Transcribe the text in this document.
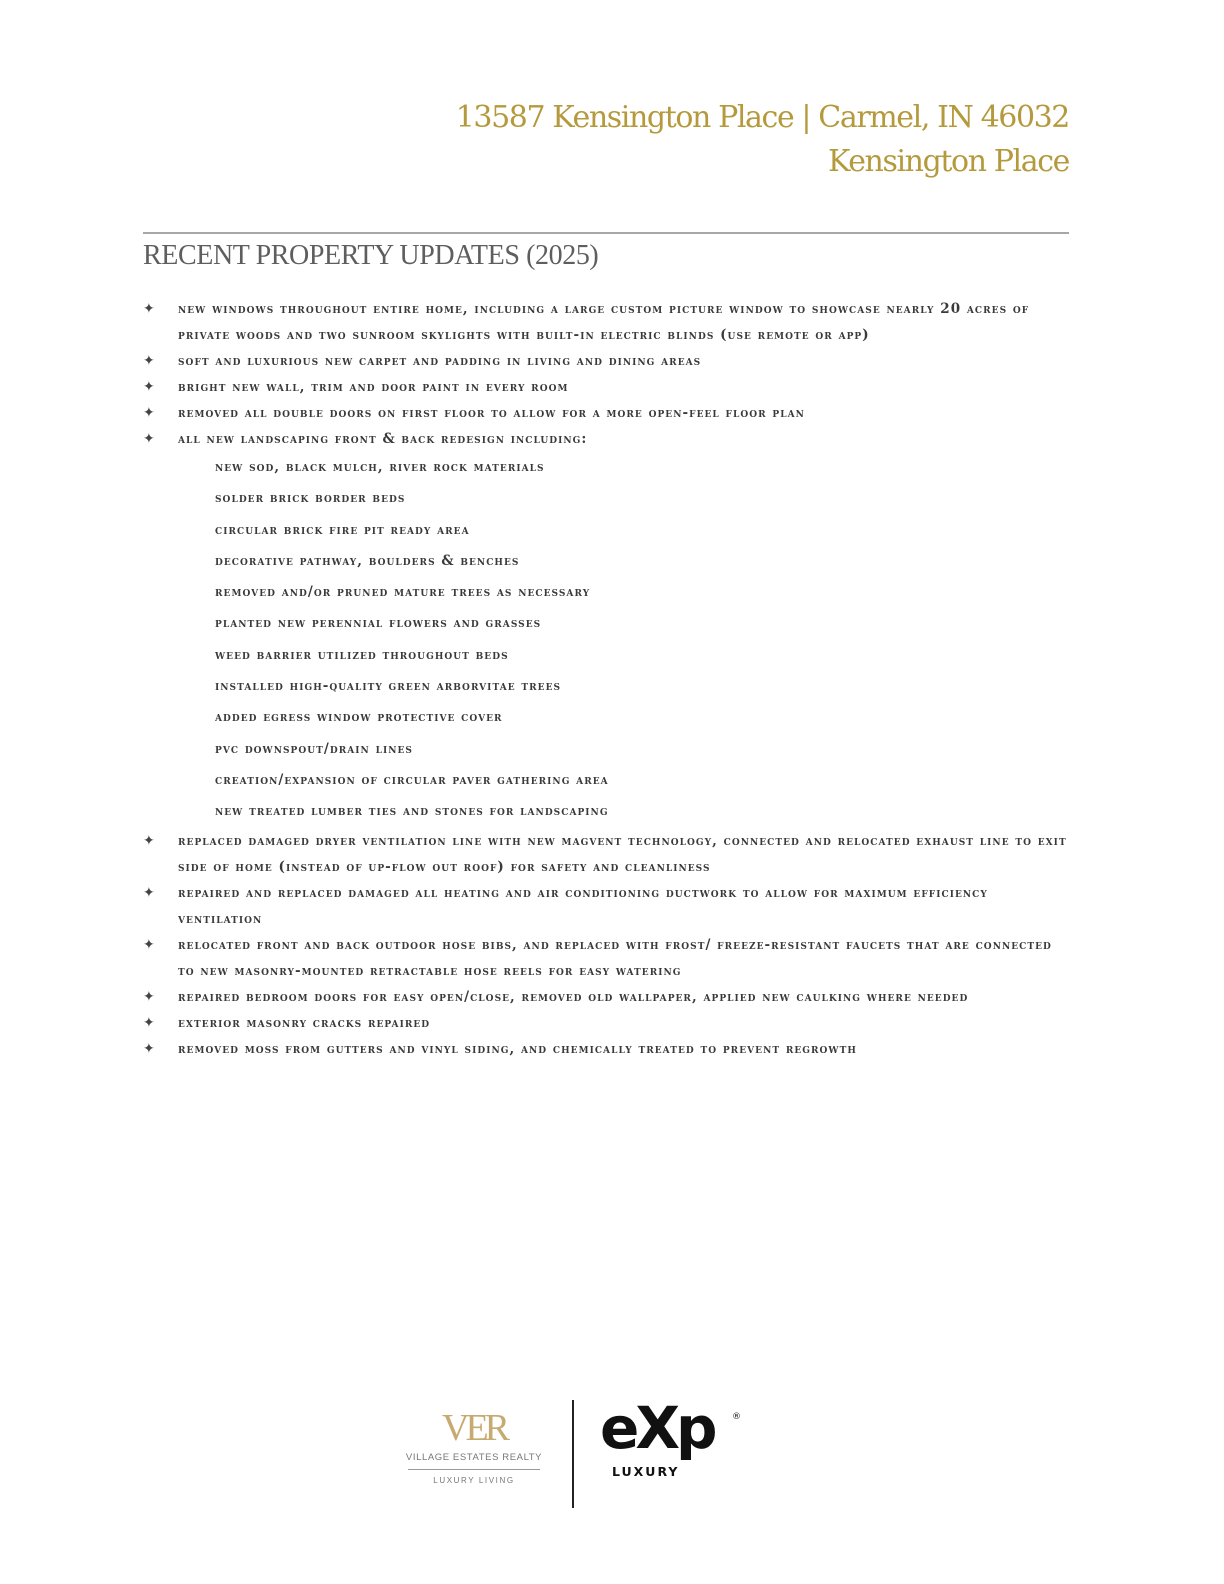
13587 Kensington Place | Carmel, IN 46032
Kensington Place
RECENT PROPERTY UPDATES (2025)
✦ new windows throughout entire home, including a large custom picture window to showcase nearly 20 acres of private woods and two sunroom skylights with built-in electric blinds (use remote or app)
✦ soft and luxurious new carpet and padding in living and dining areas
✦ bright new wall, trim and door paint in every room
✦ removed all double doors on first floor to allow for a more open-feel floor plan
✦ all new landscaping front & back redesign including:
new sod, black mulch, river rock materials
solder brick border beds
circular brick fire pit ready area
decorative pathway, boulders & benches
removed and/or pruned mature trees as necessary
planted new perennial flowers and grasses
weed barrier utilized throughout beds
installed high-quality green arborvitae trees
added egress window protective cover
pvc downspout/drain lines
creation/expansion of circular paver gathering area
new treated lumber ties and stones for landscaping
✦ replaced damaged dryer ventilation line with new magvent technology, connected and relocated exhaust line to exit side of home (instead of up-flow out roof) for safety and cleanliness
✦ repaired and replaced damaged all heating and air conditioning ductwork to allow for maximum efficiency ventilation
✦ relocated front and back outdoor hose bibs, and replaced with frost/ freeze-resistant faucets that are connected to new masonry-mounted retractable hose reels for easy watering
✦ repaired bedroom doors for easy open/close, removed old wallpaper, applied new caulking where needed
✦ exterior masonry cracks repaired
✦ removed moss from gutters and vinyl siding, and chemically treated to prevent regrowth
VER
VILLAGE ESTATES REALTY
LUXURY LIVING
eXp ®
LUXURY
